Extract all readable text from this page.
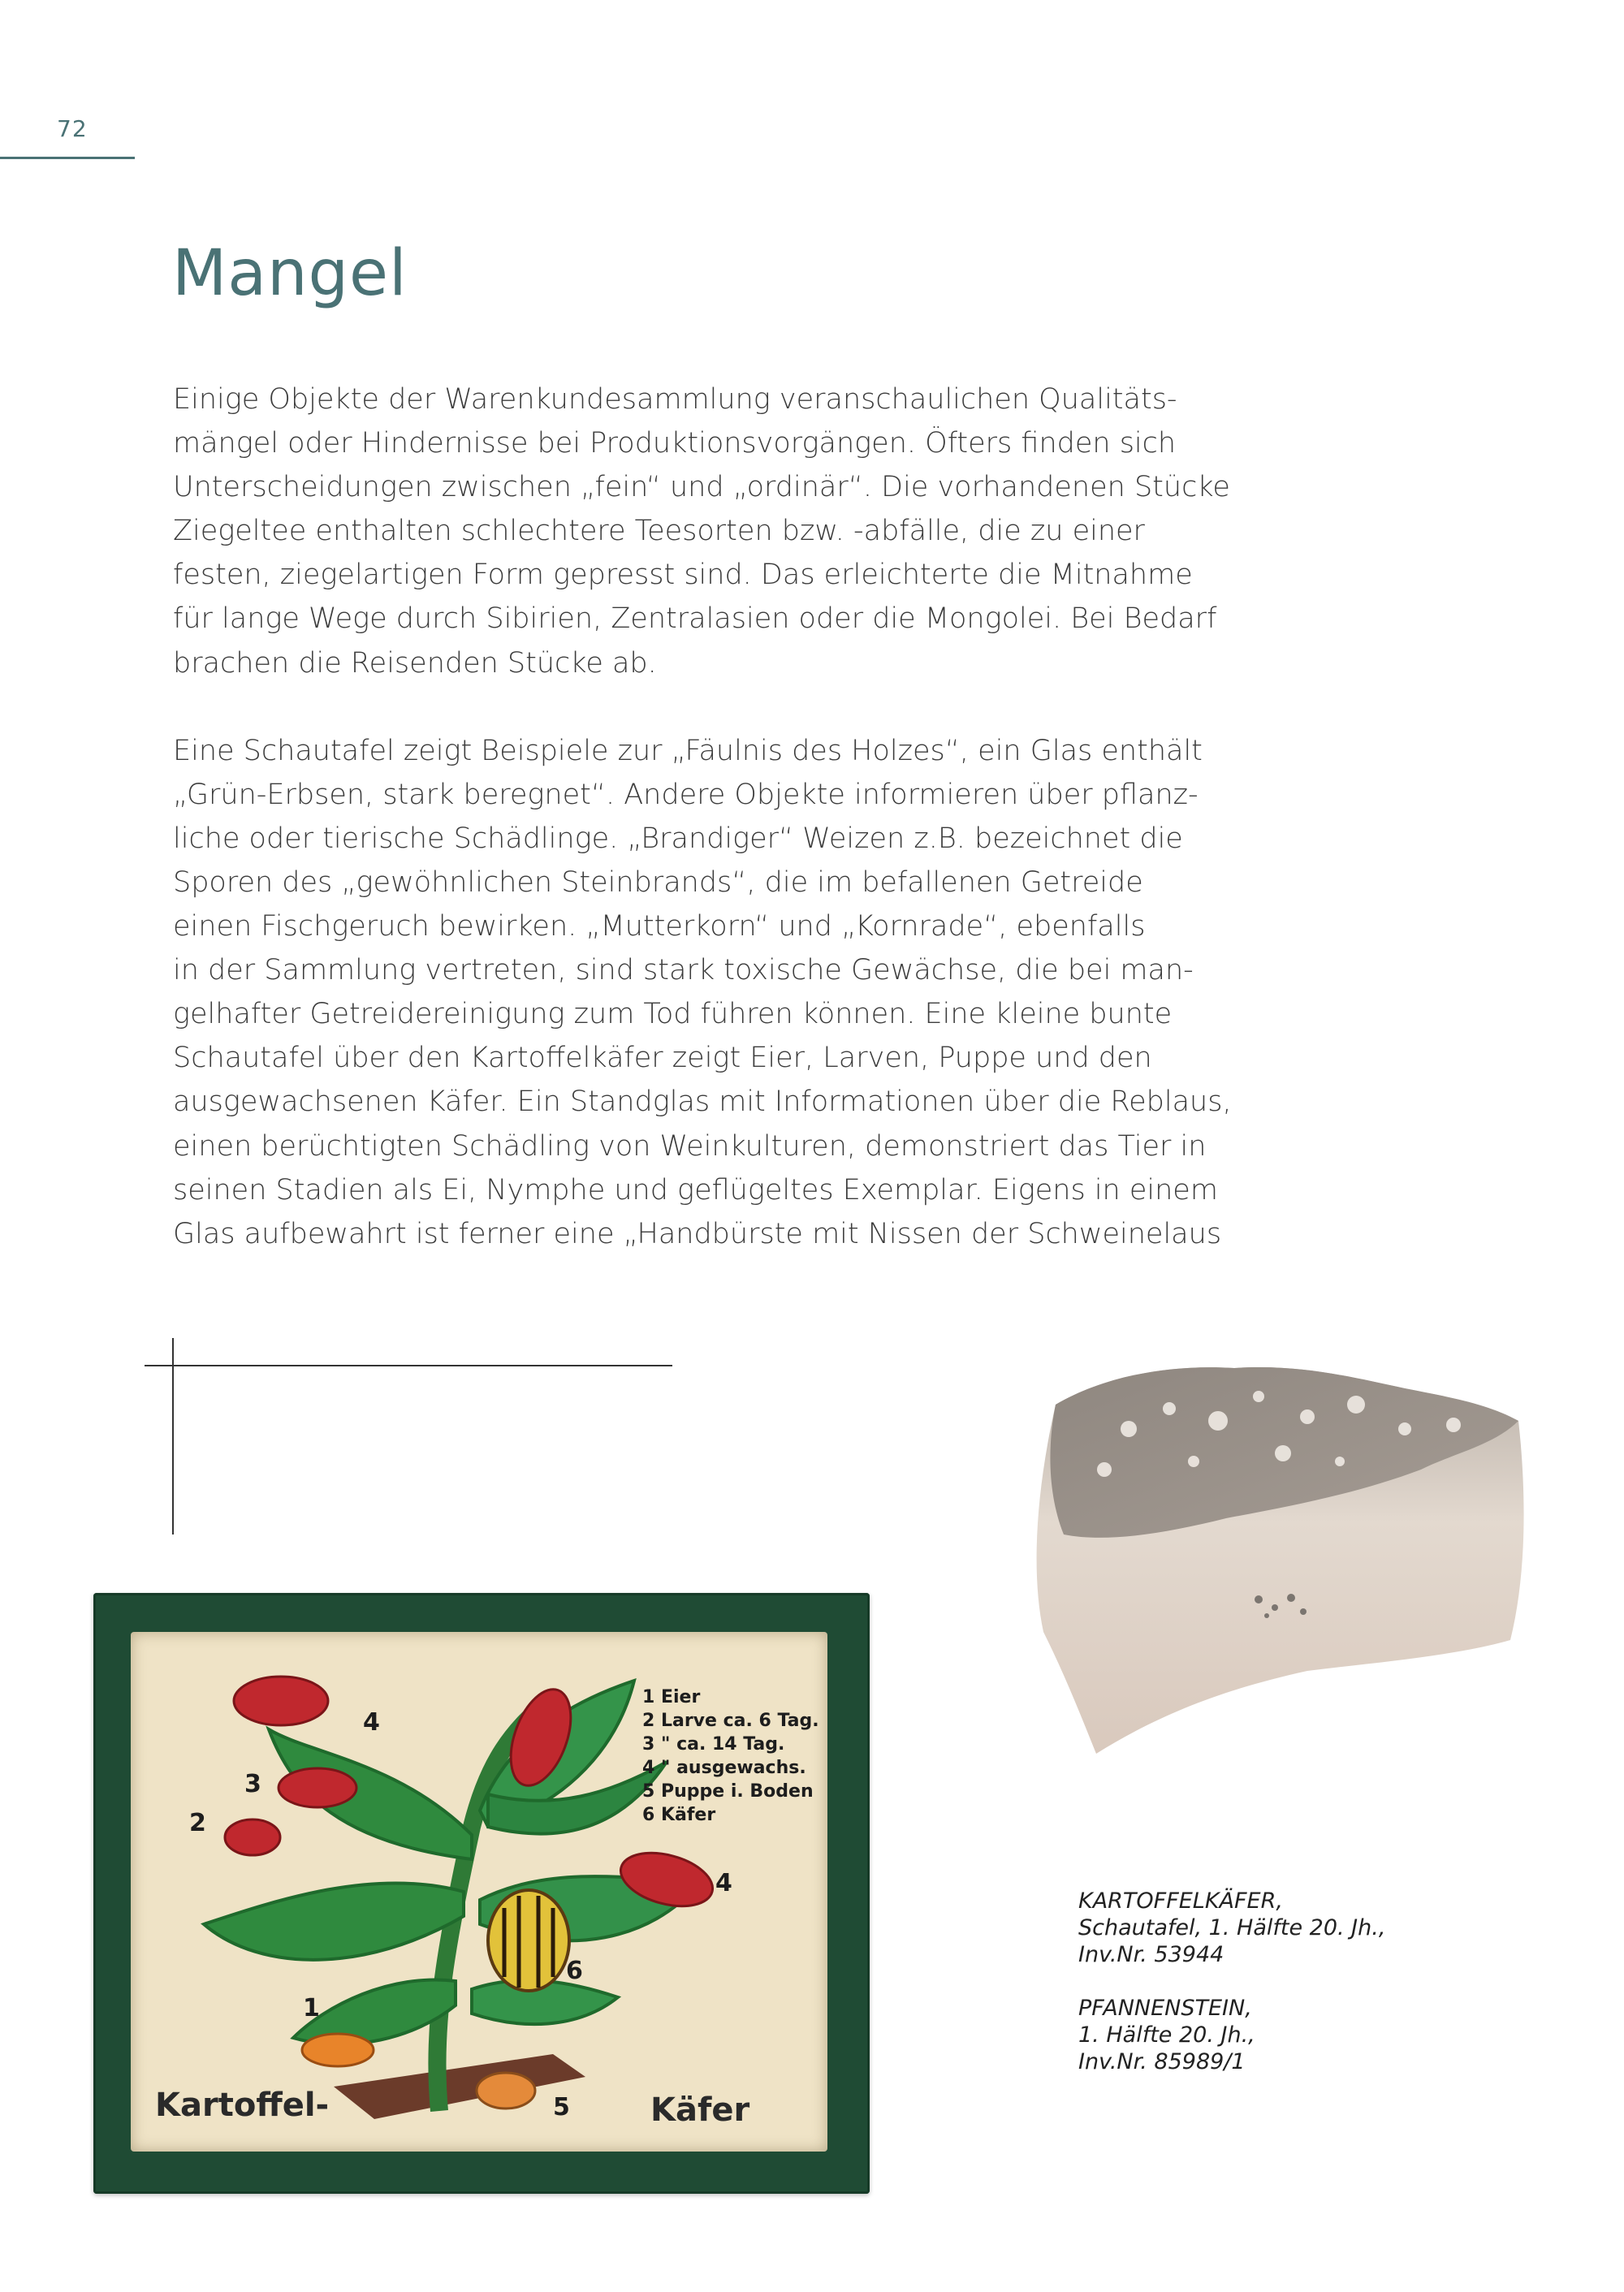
72
Mangel
Einige Objekte der Warenkundesammlung veranschaulichen Qualitäts-
mängel oder Hindernisse bei Produktionsvorgängen. Öfters finden sich
Unterscheidungen zwischen „fein“ und „ordinär“. Die vorhandenen Stücke
Ziegeltee enthalten schlechtere Teesorten bzw. -abfälle, die zu einer
festen, ziegelartigen Form gepresst sind. Das erleichterte die Mitnahme
für lange Wege durch Sibirien, Zentralasien oder die Mongolei. Bei Bedarf
brachen die Reisenden Stücke ab.
Eine Schautafel zeigt Beispiele zur „Fäulnis des Holzes“, ein Glas enthält
„Grün-Erbsen, stark beregnet“. Andere Objekte informieren über pflanz-
liche oder tierische Schädlinge. „Brandiger“ Weizen z.B. bezeichnet die
Sporen des „gewöhnlichen Steinbrands“, die im befallenen Getreide
einen Fischgeruch bewirken. „Mutterkorn“ und „Kornrade“, ebenfalls
in der Sammlung vertreten, sind stark toxische Gewächse, die bei man-
gelhafter Getreidereinigung zum Tod führen können. Eine kleine bunte
Schautafel über den Kartoffelkäfer zeigt Eier, Larven, Puppe und den
ausgewachsenen Käfer. Ein Standglas mit Informationen über die Reblaus,
einen berüchtigten Schädling von Weinkulturen, demonstriert das Tier in
seinen Stadien als Ei, Nymphe und geflügeltes Exemplar. Eigens in einem
Glas aufbewahrt ist ferner eine „Handbürste mit Nissen der Schweinelaus
1 Eier
2 Larve ca. 6 Tag.
3 " ca. 14 Tag.
4 " ausgewachs.
5 Puppe i. Boden
6 Käfer
1
2
3
4
4
5
6
Kartoffel-	Käfer
KARTOFFELKÄFER,
Schautafel, 1. Hälfte 20. Jh.,
Inv.Nr. 53944
PFANNENSTEIN,
1. Hälfte 20. Jh.,
Inv.Nr. 85989/1
